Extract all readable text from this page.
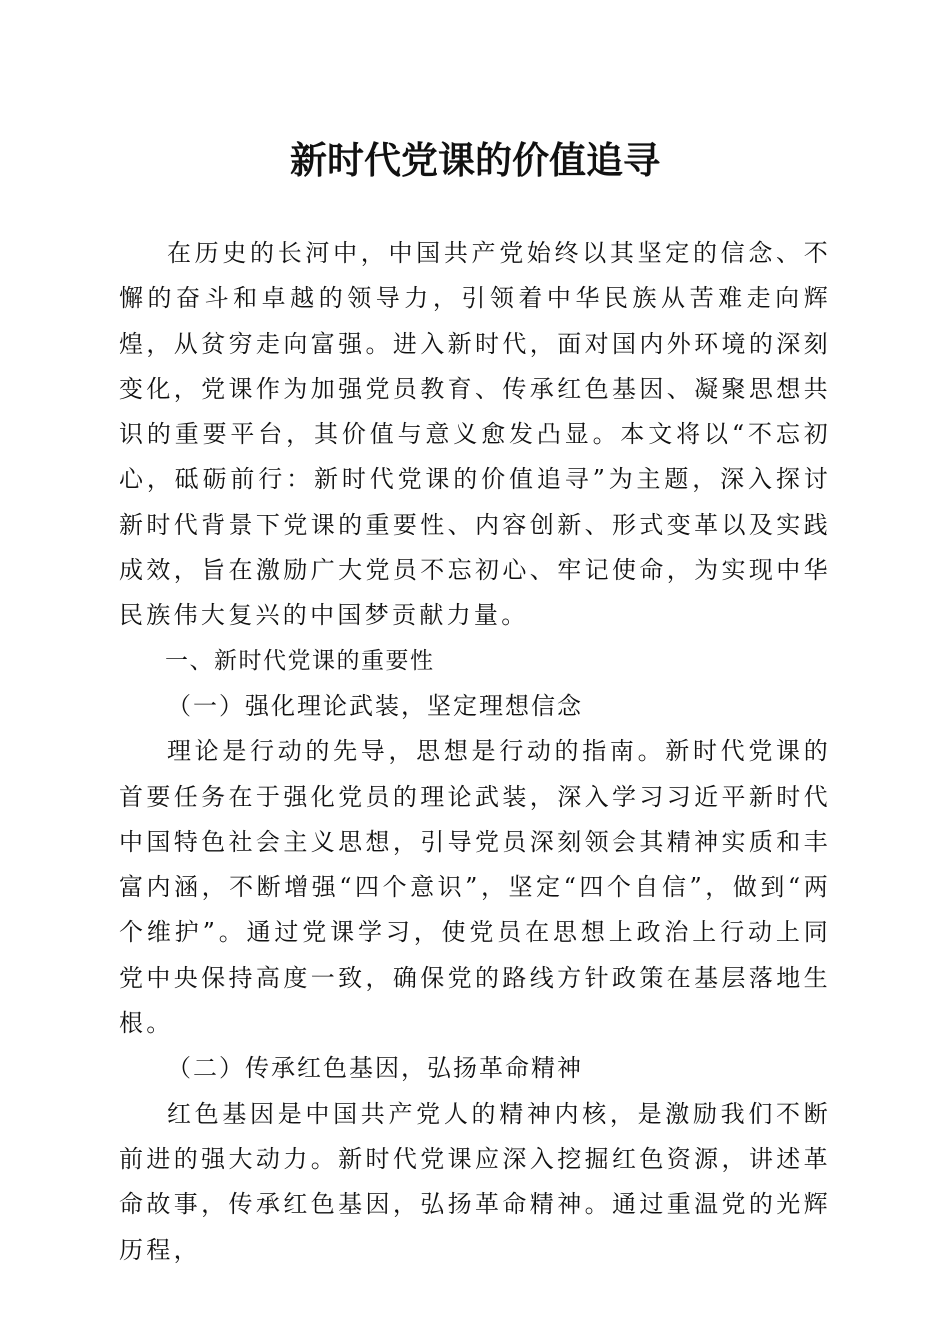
新时代党课的价值追寻

在历史的长河中，中国共产党始终以其坚定的信念、不懈的奋斗和卓越的领导力，引领着中华民族从苦难走向辉煌，从贫穷走向富强。进入新时代，面对国内外环境的深刻变化，党课作为加强党员教育、传承红色基因、凝聚思想共识的重要平台，其价值与意义愈发凸显。本文将以“不忘初心，砥砺前行：新时代党课的价值追寻”为主题，深入探讨新时代背景下党课的重要性、内容创新、形式变革以及实践成效，旨在激励广大党员不忘初心、牢记使命，为实现中华民族伟大复兴的中国梦贡献力量。

一、新时代党课的重要性

（一）强化理论武装，坚定理想信念

理论是行动的先导，思想是行动的指南。新时代党课的首要任务在于强化党员的理论武装，深入学习习近平新时代中国特色社会主义思想，引导党员深刻领会其精神实质和丰富内涵，不断增强“四个意识”，坚定“四个自信”，做到“两个维护”。通过党课学习，使党员在思想上政治上行动上同党中央保持高度一致，确保党的路线方针政策在基层落地生根。

（二）传承红色基因，弘扬革命精神

红色基因是中国共产党人的精神内核，是激励我们不断前进的强大动力。新时代党课应深入挖掘红色资源，讲述革命故事，传承红色基因，弘扬革命精神。通过重温党的光辉历程，
